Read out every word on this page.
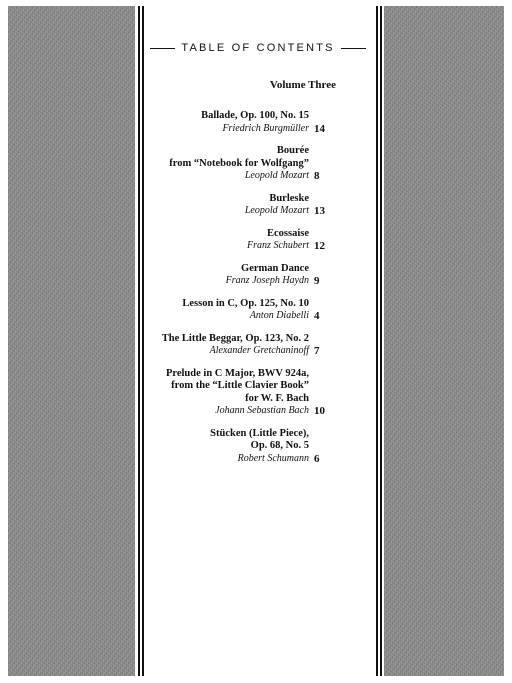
TABLE OF CONTENTS
Volume Three
Ballade, Op. 100, No. 15
Friedrich Burgmüller 14
Bourée
from “Notebook for Wolfgang”
Leopold Mozart 8
Burleske
Leopold Mozart 13
Ecossaise
Franz Schubert 12
German Dance
Franz Joseph Haydn 9
Lesson in C, Op. 125, No. 10
Anton Diabelli 4
The Little Beggar, Op. 123, No. 2
Alexander Gretchaninoff 7
Prelude in C Major, BWV 924a,
from the “Little Clavier Book”
for W. F. Bach
Johann Sebastian Bach 10
Stücken (Little Piece),
Op. 68, No. 5
Robert Schumann 6
